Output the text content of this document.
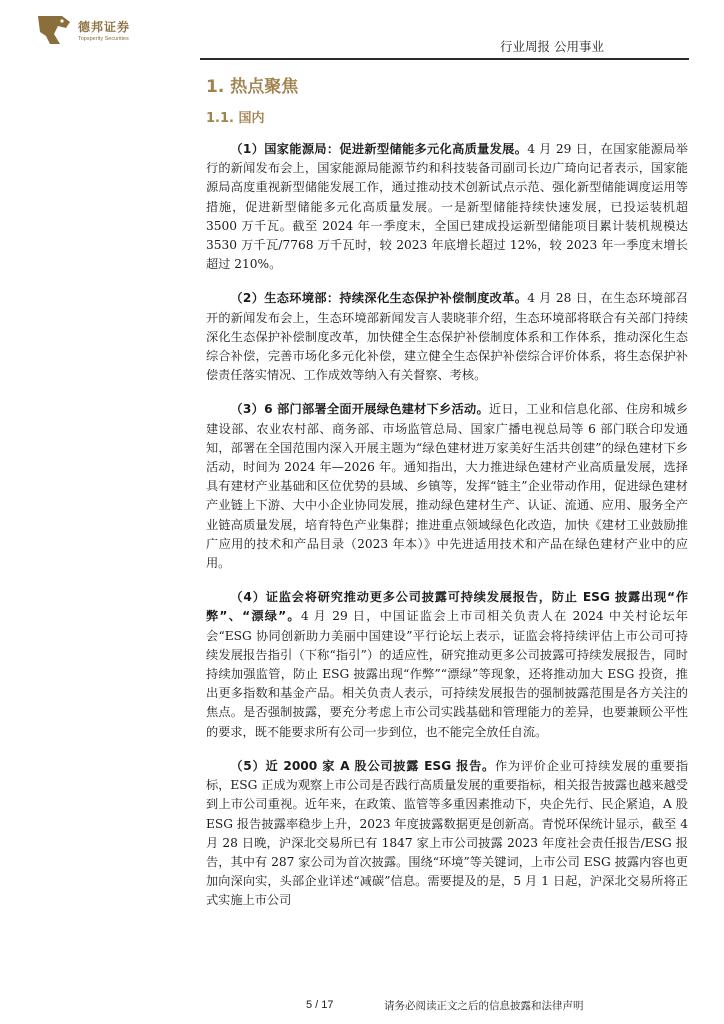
德邦证券
Topsperity Securities	行业周报 公用事业
1. 热点聚焦
1.1. 国内

（1）国家能源局：促进新型储能多元化高质量发展。4 月 29 日，在国家能源局举行的新闻发布会上，国家能源局能源节约和科技装备司副司长边广琦向记者表示，国家能源局高度重视新型储能发展工作，通过推动技术创新试点示范、强化新型储能调度运用等措施，促进新型储能多元化高质量发展。一是新型储能持续快速发展，已投运装机超 3500 万千瓦。截至 2024 年一季度末，全国已建成投运新型储能项目累计装机规模达 3530 万千瓦/7768 万千瓦时，较 2023 年底增长超过 12%，较 2023 年一季度末增长超过 210%。

（2）生态环境部：持续深化生态保护补偿制度改革。4 月 28 日，在生态环境部召开的新闻发布会上，生态环境部新闻发言人裴晓菲介绍，生态环境部将联合有关部门持续深化生态保护补偿制度改革，加快健全生态保护补偿制度体系和工作体系，推动深化生态综合补偿，完善市场化多元化补偿，建立健全生态保护补偿综合评价体系，将生态保护补偿责任落实情况、工作成效等纳入有关督察、考核。

（3）6 部门部署全面开展绿色建材下乡活动。近日，工业和信息化部、住房和城乡建设部、农业农村部、商务部、市场监管总局、国家广播电视总局等 6 部门联合印发通知，部署在全国范围内深入开展主题为“绿色建材进万家美好生活共创建”的绿色建材下乡活动，时间为 2024 年—2026 年。通知指出，大力推进绿色建材产业高质量发展，选择具有建材产业基础和区位优势的县域、乡镇等，发挥“链主”企业带动作用，促进绿色建材产业链上下游、大中小企业协同发展，推动绿色建材生产、认证、流通、应用、服务全产业链高质量发展，培育特色产业集群；推进重点领域绿色化改造，加快《建材工业鼓励推广应用的技术和产品目录（2023 年本）》中先进适用技术和产品在绿色建材产业中的应用。

（4）证监会将研究推动更多公司披露可持续发展报告，防止 ESG 披露出现“作弊”、“漂绿”。4 月 29 日，中国证监会上市司相关负责人在 2024 中关村论坛年会“ESG 协同创新助力美丽中国建设”平行论坛上表示，证监会将持续评估上市公司可持续发展报告指引（下称“指引”）的适应性，研究推动更多公司披露可持续发展报告，同时持续加强监管，防止 ESG 披露出现“作弊”“漂绿”等现象，还将推动加大 ESG 投资，推出更多指数和基金产品。相关负责人表示，可持续发展报告的强制披露范围是各方关注的焦点。是否强制披露，要充分考虑上市公司实践基础和管理能力的差异，也要兼顾公平性的要求，既不能要求所有公司一步到位，也不能完全放任自流。

（5）近 2000 家 A 股公司披露 ESG 报告。作为评价企业可持续发展的重要指标，ESG 正成为观察上市公司是否践行高质量发展的重要指标，相关报告披露也越来越受到上市公司重视。近年来，在政策、监管等多重因素推动下，央企先行、民企紧追，A 股 ESG 报告披露率稳步上升，2023 年度披露数据更是创新高。青悦环保统计显示，截至 4 月 28 日晚，沪深北交易所已有 1847 家上市公司披露 2023 年度社会责任报告/ESG 报告，其中有 287 家公司为首次披露。围绕“环境”等关键词，上市公司 ESG 披露内容也更加向深向实，头部企业详述“减碳”信息。需要提及的是，5 月 1 日起，沪深北交易所将正式实施上市公司

5 / 17	请务必阅读正文之后的信息披露和法律声明
